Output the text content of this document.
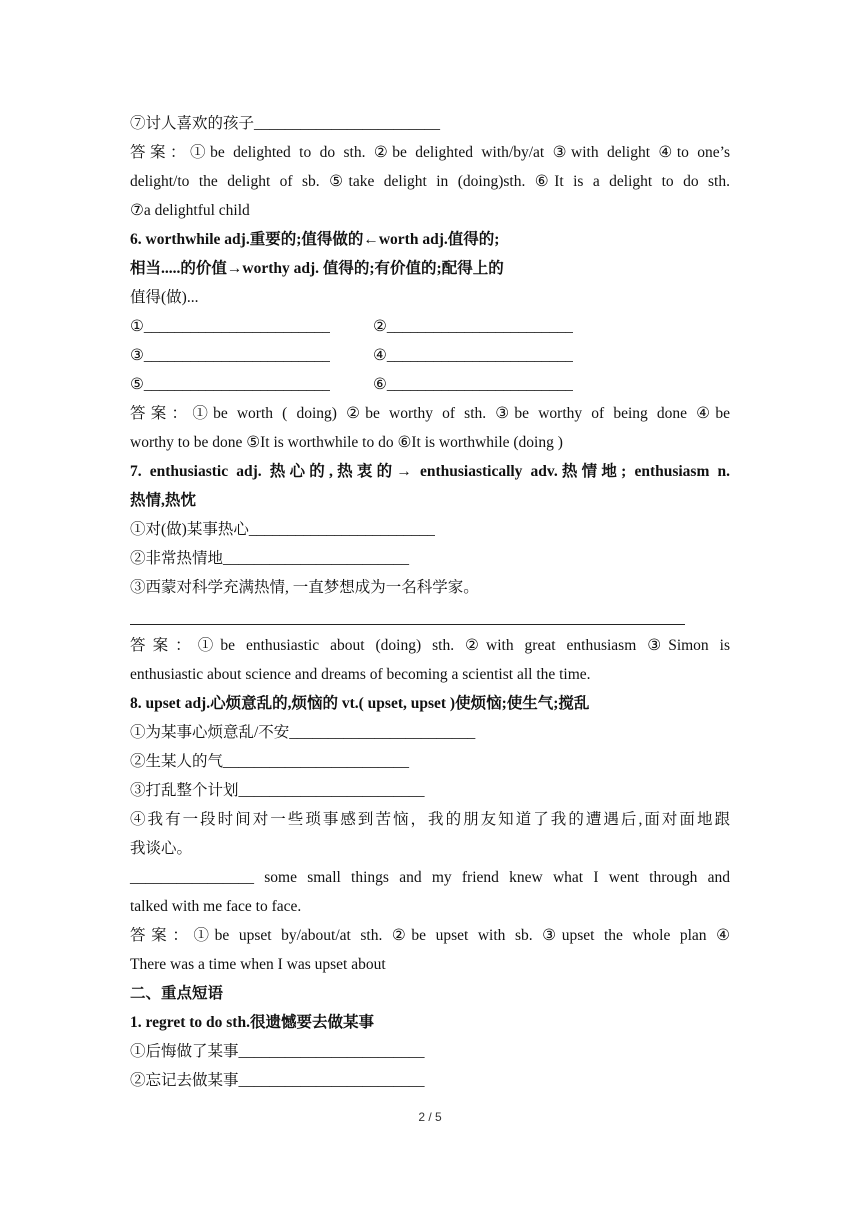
⑦讨人喜欢的孩子________________________
答案：①be delighted to do sth. ②be delighted with/by/at ③with delight ④to one’s
delight/to the delight of sb. ⑤take delight in (doing)sth. ⑥It is a delight to do sth.
⑦a delightful child
6. worthwhile adj.重要的;值得做的←worth adj.值得的;
相当.....的价值→worthy adj. 值得的;有价值的;配得上的
值得(做)...
①________________________	②________________________
③________________________	④________________________
⑤________________________	⑥________________________
答案：①be worth ( doing) ②be worthy of sth. ③be worthy of being done ④be
worthy to be done ⑤It is worthwhile to do ⑥It is worthwhile (doing )
7. enthusiastic adj. 热心的,热衷的→ enthusiastically adv.热情地; enthusiasm n.
热情,热忱
①对(做)某事热心________________________
②非常热情地________________________
③西蒙对科学充满热情, 一直梦想成为一名科学家。
答案：①be enthusiastic about (doing) sth. ②with great enthusiasm ③Simon is
enthusiastic about science and dreams of becoming a scientist all the time.
8. upset adj.心烦意乱的,烦恼的 vt.( upset, upset )使烦恼;使生气;搅乱
①为某事心烦意乱/不安________________________
②生某人的气________________________
③打乱整个计划________________________
④我有一段时间对一些琐事感到苦恼，我的朋友知道了我的遭遇后,面对面地跟
我谈心。
________________ some small things and my friend knew what I went through and
talked with me face to face.
答案：①be upset by/about/at sth. ②be upset with sb. ③upset the whole plan ④
There was a time when I was upset about
二、重点短语
1. regret to do sth.很遗憾要去做某事
①后悔做了某事________________________
②忘记去做某事________________________
2 / 5
